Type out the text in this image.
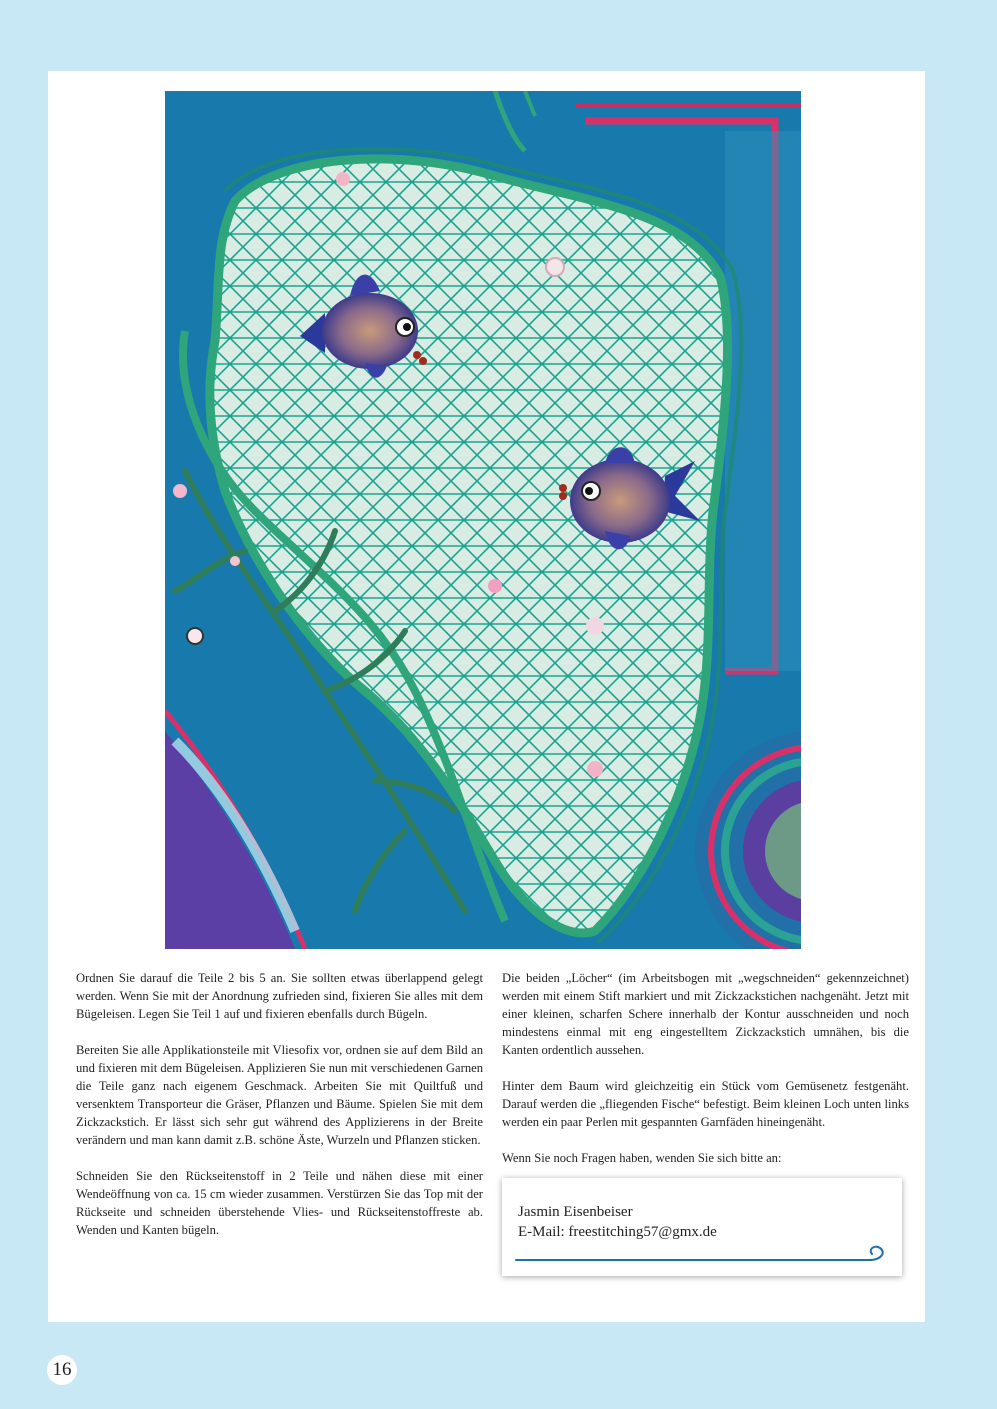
Ordnen Sie darauf die Teile 2 bis 5 an. Sie sollten etwas überlappend gelegt werden. Wenn Sie mit der Anordnung zufrieden sind, fixieren Sie alles mit dem Bügeleisen. Legen Sie Teil 1 auf und fixieren ebenfalls durch Bügeln.

Bereiten Sie alle Applikationsteile mit Vliesofix vor, ordnen sie auf dem Bild an und fixieren mit dem Bügeleisen. Applizieren Sie nun mit verschiedenen Garnen die Teile ganz nach eigenem Geschmack. Arbeiten Sie mit Quiltfuß und versenktem Transporteur die Gräser, Pflanzen und Bäume. Spielen Sie mit dem Zickzackstich. Er lässt sich sehr gut während des Applizierens in der Breite verändern und man kann damit z.B. schöne Äste, Wurzeln und Pflanzen sticken.

Schneiden Sie den Rückseitenstoff in 2 Teile und nähen diese mit einer Wendeöffnung von ca. 15 cm wieder zusammen. Verstürzen Sie das Top mit der Rückseite und schneiden überstehende Vlies- und Rückseitenstoffreste ab. Wenden und Kanten bügeln.

Die beiden „Löcher“ (im Arbeitsbogen mit „wegschneiden“ gekennzeichnet) werden mit einem Stift markiert und mit Zickzackstichen nachgenäht. Jetzt mit einer kleinen, scharfen Schere innerhalb der Kontur ausschneiden und noch mindestens einmal mit eng eingestelltem Zickzackstich umnähen, bis die Kanten ordentlich aussehen.

Hinter dem Baum wird gleichzeitig ein Stück vom Gemüsenetz festgenäht. Darauf werden die „fliegenden Fische“ befestigt. Beim kleinen Loch unten links werden ein paar Perlen mit gespannten Garnfäden hineingenäht.

Wenn Sie noch Fragen haben, wenden Sie sich bitte an:

Jasmin Eisenbeiser
E-Mail: freestitching57@gmx.de
16
